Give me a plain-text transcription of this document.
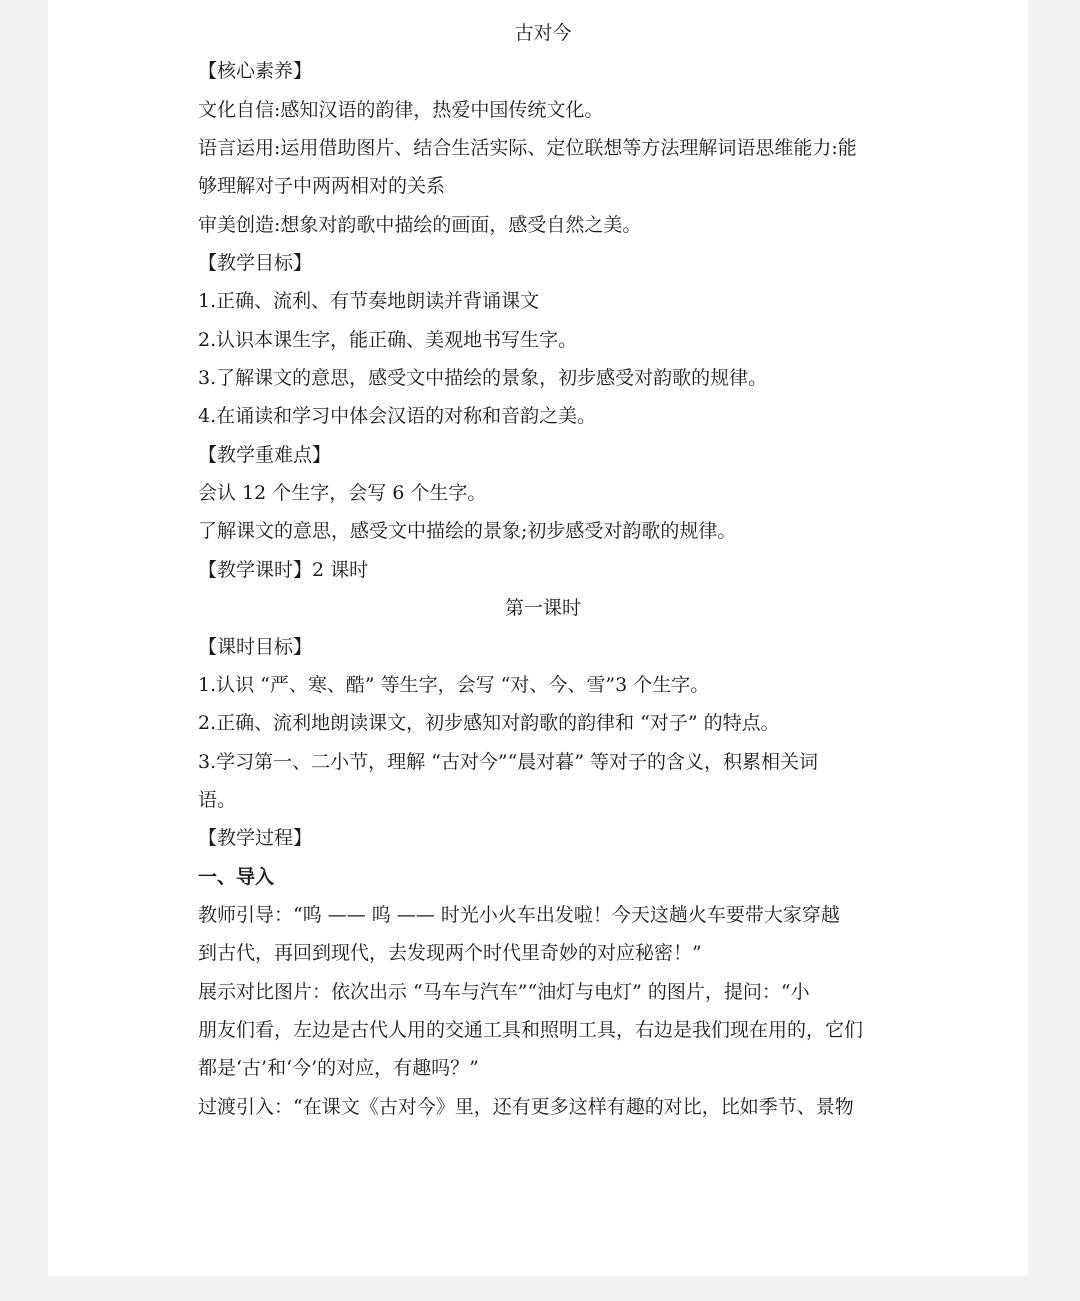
古对今

【核心素养】

文化自信:感知汉语的韵律，热爱中国传统文化。

语言运用:运用借助图片、结合生活实际、定位联想等方法理解词语思维能力:能

够理解对子中两两相对的关系

审美创造:想象对韵歌中描绘的画面，感受自然之美。

【教学目标】

1.正确、流利、有节奏地朗读并背诵课文

2.认识本课生字，能正确、美观地书写生字。

3.了解课文的意思，感受文中描绘的景象，初步感受对韵歌的规律。

4.在诵读和学习中体会汉语的对称和音韵之美。

【教学重难点】

会认 12 个生字，会写 6 个生字。

了解课文的意思，感受文中描绘的景象;初步感受对韵歌的规律。

【教学课时】2 课时

第一课时

【课时目标】

1.认识 “严、寒、酷” 等生字，会写 “对、今、雪”3 个生字。

2.正确、流利地朗读课文，初步感知对韵歌的韵律和 “对子” 的特点。

3.学习第一、二小节，理解 “古对今”“晨对暮” 等对子的含义，积累相关词

语。

【教学过程】

一、导入

教师引导：“呜 —— 呜 —— 时光小火车出发啦！今天这趟火车要带大家穿越

到古代，再回到现代，去发现两个时代里奇妙的对应秘密！”

展示对比图片：依次出示 “马车与汽车”“油灯与电灯” 的图片，提问：“小

朋友们看，左边是古代人用的交通工具和照明工具，右边是我们现在用的，它们

都是‘古’和‘今’的对应，有趣吗？”

过渡引入：“在课文《古对今》里，还有更多这样有趣的对比，比如季节、景物
